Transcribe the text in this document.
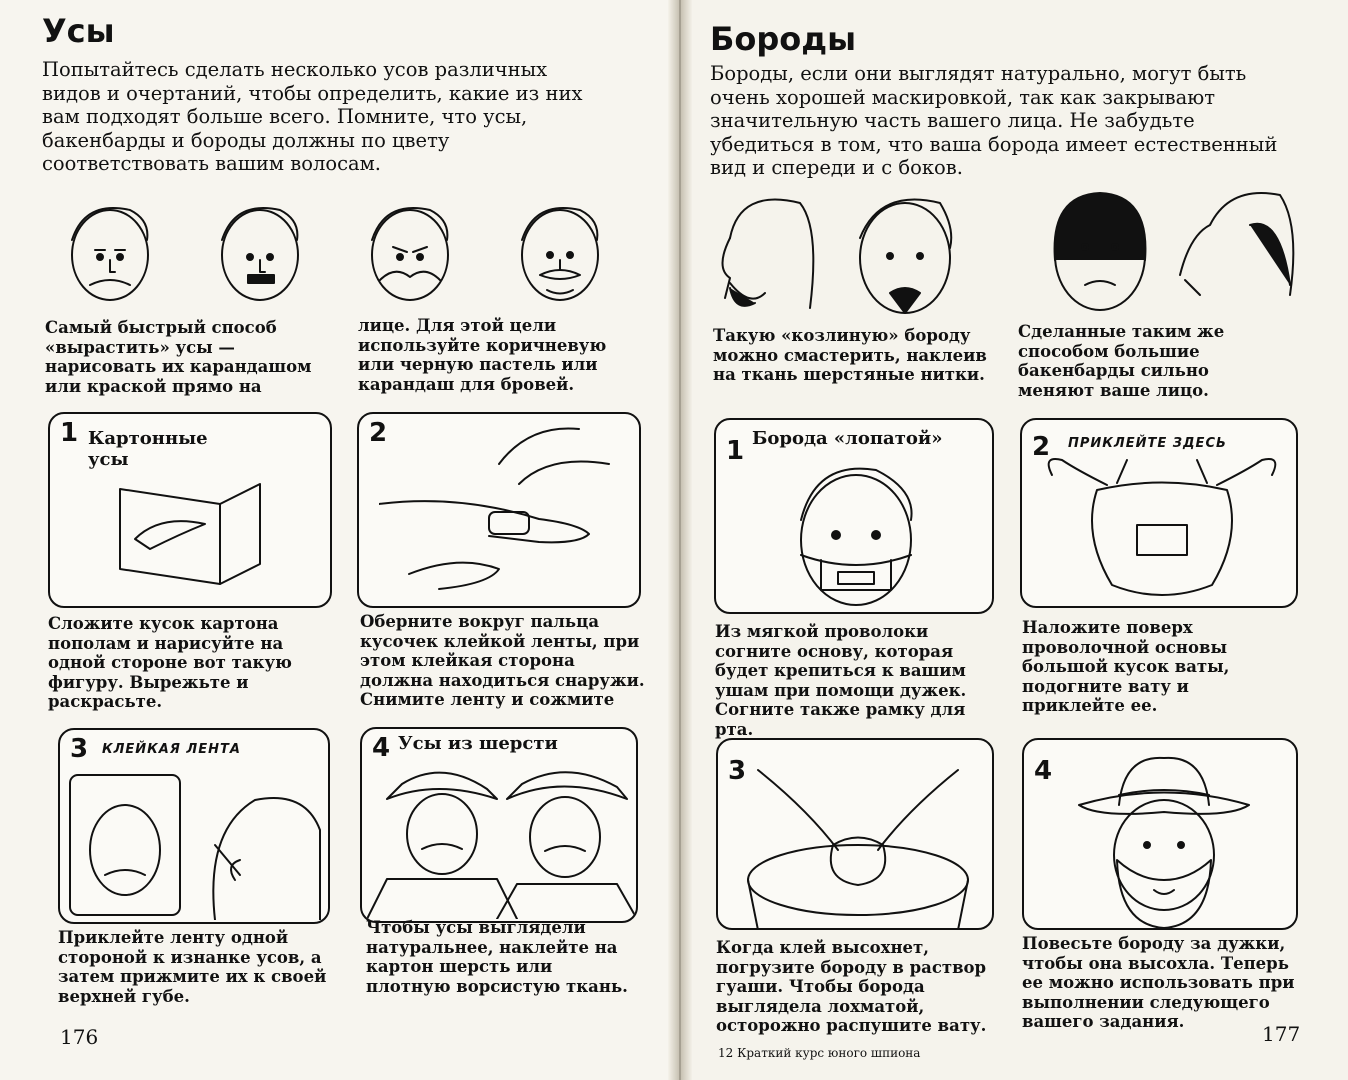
Усы

Попытайтесь сделать несколько усов различных видов и очертаний, чтобы определить, какие из них вам подходят больше всего. Помните, что усы, бакенбарды и бороды должны по цвету соответствовать вашим волосам.

Самый быстрый способ «вырастить» усы — нарисовать их карандашом или краской прямо на

лице. Для этой цели используйте коричневую или черную пастель или карандаш для бровей.

1 Картонные усы

Сложите кусок картона пополам и нарисуйте на одной стороне вот такую фигуру. Вырежьте и раскрасьте.

2

Оберните вокруг пальца кусочек клейкой ленты, при этом клейкая сторона должна находиться снаружи. Снимите ленту и сожмите

3 КЛЕЙКАЯ ЛЕНТА

Приклейте ленту одной стороной к изнанке усов, а затем прижмите их к своей верхней губе.

4 Усы из шерсти

Чтобы усы выглядели натуральнее, наклейте на картон шерсть или плотную ворсистую ткань.

176
Бороды

Бороды, если они выглядят натурально, могут быть очень хорошей маскировкой, так как закрывают значительную часть вашего лица. Не забудьте убедиться в том, что ваша борода имеет естественный вид и спереди и с боков.

Такую «козлиную» бороду можно смастерить, наклеив на ткань шерстяные нитки.

Сделанные таким же способом большие бакенбарды сильно меняют ваше лицо.

1 Борода «лопатой»

Из мягкой проволоки согните основу, которая будет крепиться к вашим ушам при помощи дужек. Согните также рамку для рта.

2 ПРИКЛЕЙТЕ ЗДЕСЬ

Наложите поверх проволочной основы большой кусок ваты, подогните вату и приклейте ее.

3

Когда клей высохнет, погрузите бороду в раствор гуаши. Чтобы борода выглядела лохматой, осторожно распушите вату.

4

Повесьте бороду за дужки, чтобы она высохла. Теперь ее можно использовать при выполнении следующего вашего задания.

12 Краткий курс юного шпиона
177
